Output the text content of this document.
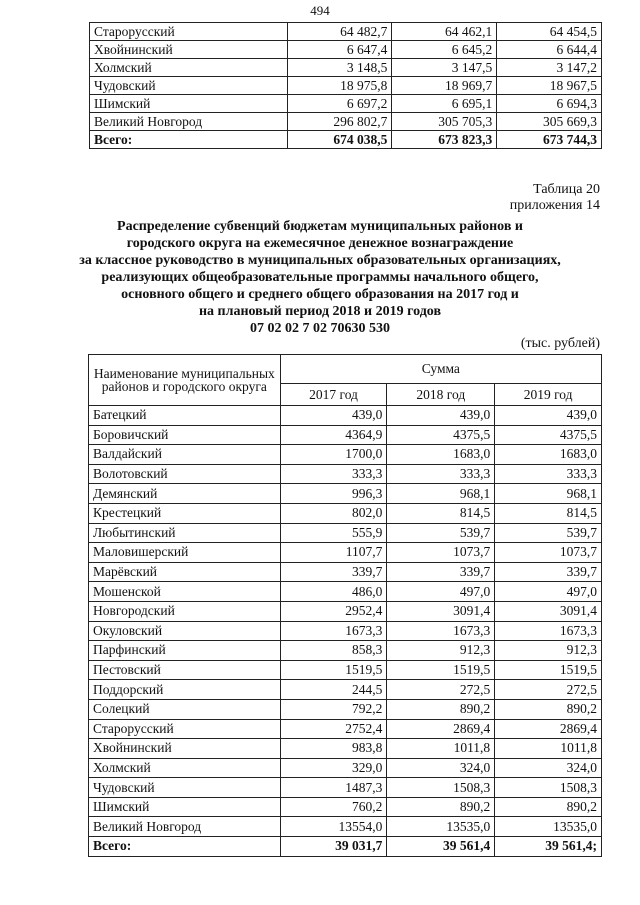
494
Старорусский	64 482,7	64 462,1	64 454,5
Хвойнинский	6 647,4	6 645,2	6 644,4
Холмский	3 148,5	3 147,5	3 147,2
Чудовский	18 975,8	18 969,7	18 967,5
Шимский	6 697,2	6 695,1	6 694,3
Великий Новгород	296 802,7	305 705,3	305 669,3
Всего:	674 038,5	673 823,3	673 744,3
Таблица 20
приложения 14
Распределение субвенций бюджетам муниципальных районов и
городского округа на ежемесячное денежное вознаграждение
за классное руководство в муниципальных образовательных организациях,
реализующих общеобразовательные программы начального общего,
основного общего и среднего общего образования на 2017 год и
на плановый период 2018 и 2019 годов
07 02 02 7 02 70630 530
(тыс. рублей)
Наименование муниципальных районов и городского округа	Сумма		
	2017 год	2018 год	2019 год
Батецкий	439,0	439,0	439,0
Боровичский	4364,9	4375,5	4375,5
Валдайский	1700,0	1683,0	1683,0
Волотовский	333,3	333,3	333,3
Демянский	996,3	968,1	968,1
Крестецкий	802,0	814,5	814,5
Любытинский	555,9	539,7	539,7
Маловишерский	1107,7	1073,7	1073,7
Марёвский	339,7	339,7	339,7
Мошенской	486,0	497,0	497,0
Новгородский	2952,4	3091,4	3091,4
Окуловский	1673,3	1673,3	1673,3
Парфинский	858,3	912,3	912,3
Пестовский	1519,5	1519,5	1519,5
Поддорский	244,5	272,5	272,5
Солецкий	792,2	890,2	890,2
Старорусский	2752,4	2869,4	2869,4
Хвойнинский	983,8	1011,8	1011,8
Холмский	329,0	324,0	324,0
Чудовский	1487,3	1508,3	1508,3
Шимский	760,2	890,2	890,2
Великий Новгород	13554,0	13535,0	13535,0
Всего:	39 031,7	39 561,4	39 561,4;
